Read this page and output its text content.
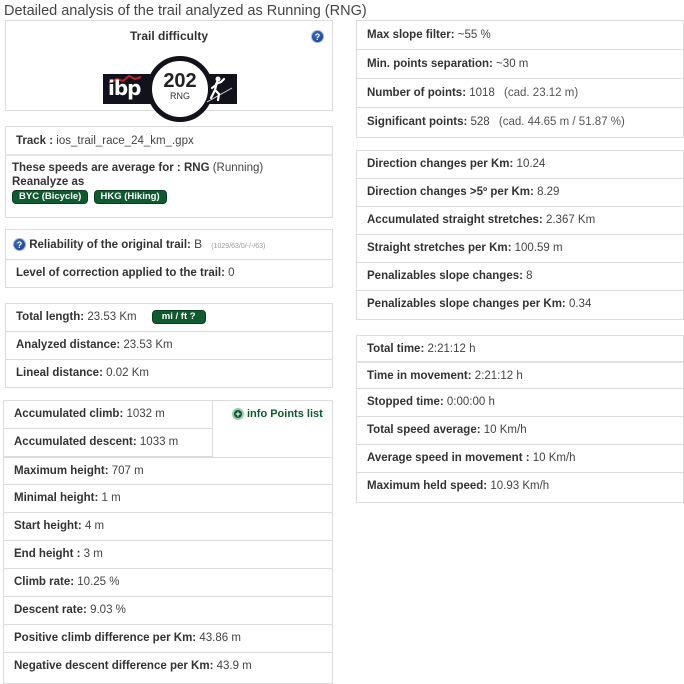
Detailed analysis of the trail analyzed as Running (RNG)
Trail difficulty	?
ibp	202
RNG
Track : ios_trail_race_24_km_.gpx
These speeds are average for : RNG (Running)
Reanalyze as
BYC (Bicycle) HKG (Hiking)
? Reliability of the original trail: B (1029/63/0/-/-/63)
Level of correction applied to the trail: 0
Total length: 23.53 Km	mi / ft ?
Analyzed distance: 23.53 Km
Lineal distance: 0.02 Km
Accumulated climb: 1032 m
Accumulated descent: 1033 m
Maximum height: 707 m
Minimal height: 1 m
Start height: 4 m
End height : 3 m
Climb rate: 10.25 %
Descent rate: 9.03 %
Positive climb difference per Km: 43.86 m
Negative descent difference per Km: 43.9 m
+ info Points list
Max slope filter: ~55 %
Min. points separation: ~30 m
Number of points: 1018 (cad. 23.12 m)
Significant points: 528 (cad. 44.65 m / 51.87 %)
Direction changes per Km: 10.24
Direction changes >5º per Km: 8.29
Accumulated straight stretches: 2.367 Km
Straight stretches per Km: 100.59 m
Penalizables slope changes: 8
Penalizables slope changes per Km: 0.34
Total time: 2:21:12 h
Time in movement: 2:21:12 h
Stopped time: 0:00:00 h
Total speed average: 10 Km/h
Average speed in movement : 10 Km/h
Maximum held speed: 10.93 Km/h
